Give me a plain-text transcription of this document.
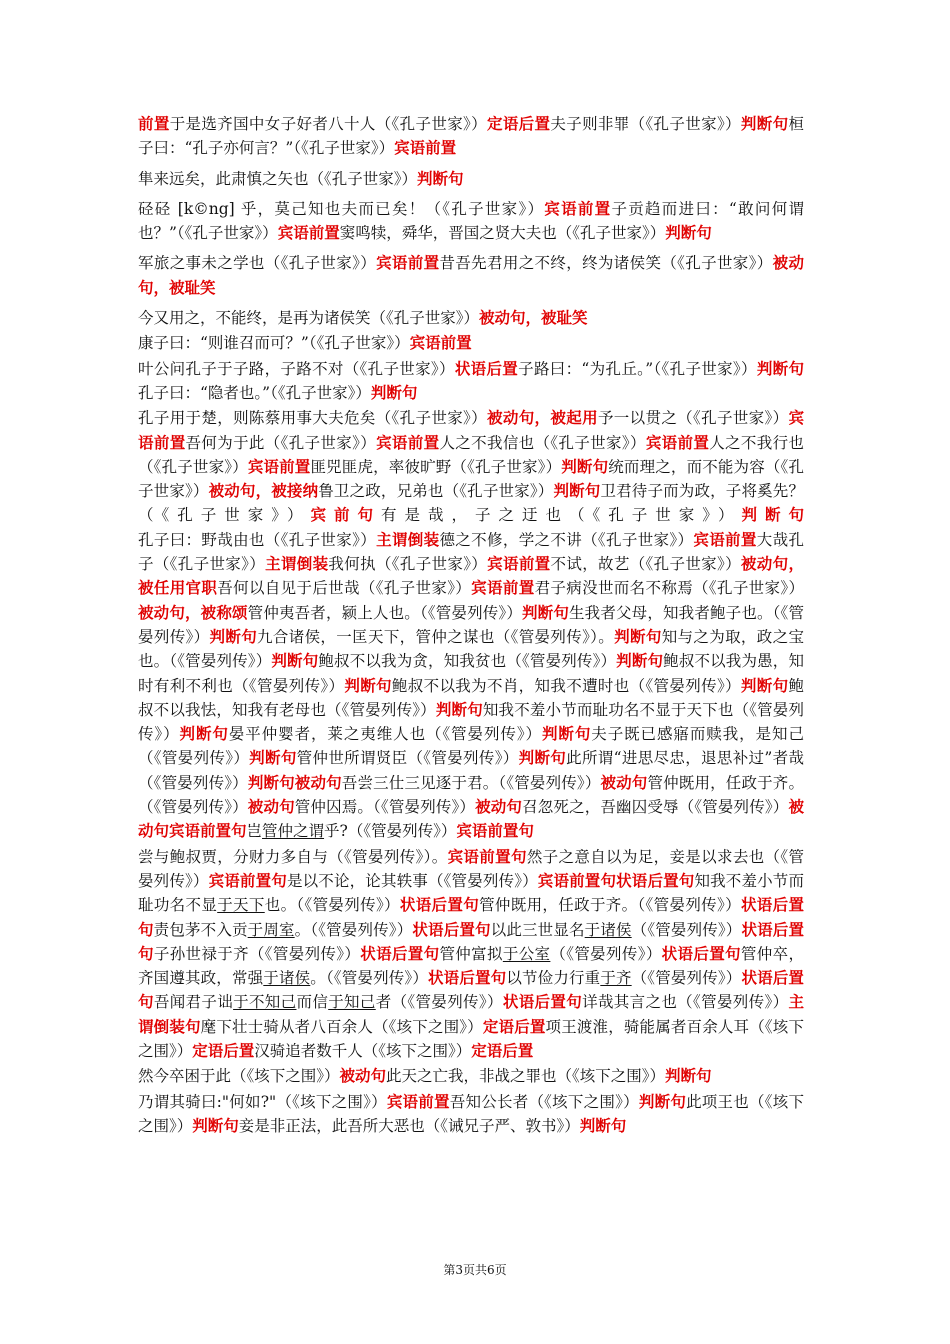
前置于是选齐国中女子好者八十人（《孔子世家》）定语后置夫子则非罪（《孔子世家》）判断句桓子曰：“孔子亦何言？”（《孔子世家》）宾语前置

隼来远矣，此肃慎之矢也（《孔子世家》）判断句

硁硁 [k©ng] 乎，莫己知也夫而已矣！（《孔子世家》）宾语前置子贡趋而进曰：“敢问何谓也？”（《孔子世家》）宾语前置窦鸣犊，舜华，晋国之贤大夫也（《孔子世家》）判断句

军旅之事未之学也（《孔子世家》）宾语前置昔吾先君用之不终，终为诸侯笑（《孔子世家》）被动句，被耻笑

今又用之，不能终，是再为诸侯笑（《孔子世家》）被动句，被耻笑

康子曰：“则谁召而可？”（《孔子世家》）宾语前置

叶公问孔子于子路，子路不对（《孔子世家》）状语后置子路曰：“为孔丘。”（《孔子世家》）判断句孔子曰：“隐者也。”（《孔子世家》）判断句

孔子用于楚，则陈蔡用事大夫危矣（《孔子世家》）被动句，被起用予一以贯之（《孔子世家》）宾语前置吾何为于此（《孔子世家》）宾语前置人之不我信也（《孔子世家》）宾语前置人之不我行也（《孔子世家》）宾语前置匪兕匪虎，率彼旷野（《孔子世家》）判断句统而理之，而不能为容（《孔子世家》）被动句，被接纳鲁卫之政，兄弟也（《孔子世家》）判断句卫君待子而为政，子将奚先？（《孔子世家》）宾前句有是哉，子之迂也（《孔子世家》）判断句孔子曰：野哉由也（《孔子世家》）主谓倒装德之不修，学之不讲（《孔子世家》）宾语前置大哉孔子（《孔子世家》）主谓倒装我何执（《孔子世家》）宾语前置不试，故艺（《孔子世家》）被动句，被任用官职吾何以自见于后世哉（《孔子世家》）宾语前置君子病没世而名不称焉（《孔子世家》）被动句，被称颂管仲夷吾者，颍上人也。（《管晏列传》）判断句生我者父母，知我者鲍子也。（《管晏列传》）判断句九合诸侯，一匡天下，管仲之谋也（《管晏列传》）。判断句知与之为取，政之宝也。（《管晏列传》）判断句鲍叔不以我为贪，知我贫也（《管晏列传》）判断句鲍叔不以我为愚，知时有利不利也（《管晏列传》）判断句鲍叔不以我为不肖，知我不遭时也（《管晏列传》）判断句鲍叔不以我怯，知我有老母也（《管晏列传》）判断句知我不羞小节而耻功名不显于天下也（《管晏列传》）判断句晏平仲婴者，莱之夷维人也（《管晏列传》）判断句夫子既已感寤而赎我，是知己（《管晏列传》）判断句管仲世所谓贤臣（《管晏列传》）判断句此所谓“进思尽忠，退思补过”者哉（《管晏列传》）判断句被动句吾尝三仕三见逐于君。（《管晏列传》）被动句管仲既用，任政于齐。（《管晏列传》）被动句管仲囚焉。（《管晏列传》）被动句召忽死之，吾幽囚受辱（《管晏列传》）被动句宾语前置句岂管仲之谓乎?（《管晏列传》）宾语前置句

尝与鲍叔贾，分财力多自与（《管晏列传》）。宾语前置句然子之意自以为足，妾是以求去也（《管晏列传》）宾语前置句是以不论，论其轶事（《管晏列传》）宾语前置句状语后置句知我不羞小节而耻功名不显于天下也。（《管晏列传》）状语后置句管仲既用，任政于齐。（《管晏列传》）状语后置句责包茅不入贡于周室。（《管晏列传》）状语后置句以此三世显名于诸侯（《管晏列传》）状语后置句子孙世禄于齐（《管晏列传》）状语后置句管仲富拟于公室（《管晏列传》）状语后置句管仲卒，齐国遵其政，常强于诸侯。（《管晏列传》）状语后置句以节俭力行重于齐（《管晏列传》）状语后置句吾闻君子诎于不知己而信于知己者（《管晏列传》）状语后置句详哉其言之也（《管晏列传》）主谓倒装句麾下壮士骑从者八百余人（《垓下之围》）定语后置项王渡淮，骑能属者百余人耳（《垓下之围》）定语后置汉骑追者数千人（《垓下之围》）定语后置

然今卒困于此（《垓下之围》）被动句此天之亡我，非战之罪也（《垓下之围》）判断句

乃谓其骑曰:"何如?"（《垓下之围》）宾语前置吾知公长者（《垓下之围》）判断句此项王也（《垓下之围》）判断句妾是非正法，此吾所大恶也（《诫兄子严、敦书》）判断句

第3页共6页
